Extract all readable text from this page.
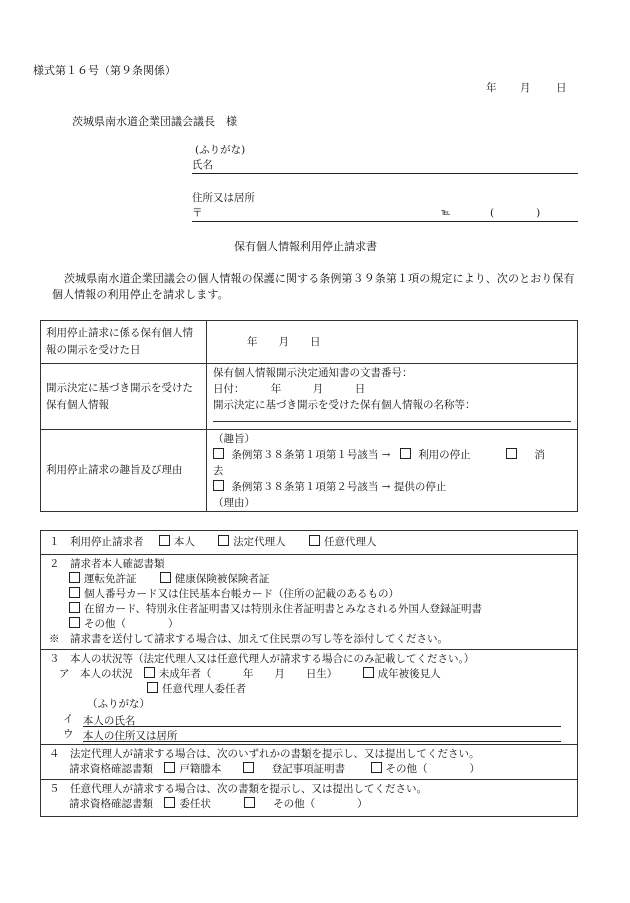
様式第１６号（第９条関係）
年 月 日
茨城県南水道企業団議会議長　様
(ふりがな)
氏名
住所又は居所
〒	℡	(　　　　)
保有個人情報利用停止請求書
茨城県南水道企業団議会の個人情報の保護に関する条例第３９条第１項の規定により、次のとおり保有個人情報の利用停止を請求します。
利用停止請求に係る保有個人情報の開示を受けた日	年　　月　　日
開示決定に基づき開示を受けた保有個人情報	保有個人情報開示決定通知書の文書番号：
日付：　　　年　　　月　　　日
開示決定に基づき開示を受けた保有個人情報の名称等：

利用停止請求の趣旨及び理由	（趣旨）
条例第３８条第１項第１号該当 → 利用の停止 消
去
条例第３８条第１項第２号該当 → 提供の停止
（理由）
１　利用停止請求者	本人	法定代理人	任意代理人

２　請求者本人確認書類
運転免許証	健康保険被保険者証
個人番号カード又は住民基本台帳カード（住所の記載のあるもの）
在留カード、特別永住者証明書又は特別永住者証明書とみなされる外国人登録証明書
その他（　　　　）
※　請求書を送付して請求する場合は、加えて住民票の写し等を添付してください。

３　本人の状況等（法定代理人又は任意代理人が請求する場合にのみ記載してください。）
ア　本人の状況	未成年者（　　　年　　月　　日生）	成年被後見人
任意代理人委任者
（ふりがな）
イ 本人の氏名
ウ 本人の住所又は居所

４　法定代理人が請求する場合は、次のいずれかの書類を提示し、又は提出してください。
請求資格確認書類	戸籍謄本	登記事項証明書	その他（　　　　）

５　任意代理人が請求する場合は、次の書類を提示し、又は提出してください。
請求資格確認書類	委任状	その他（　　　　）
